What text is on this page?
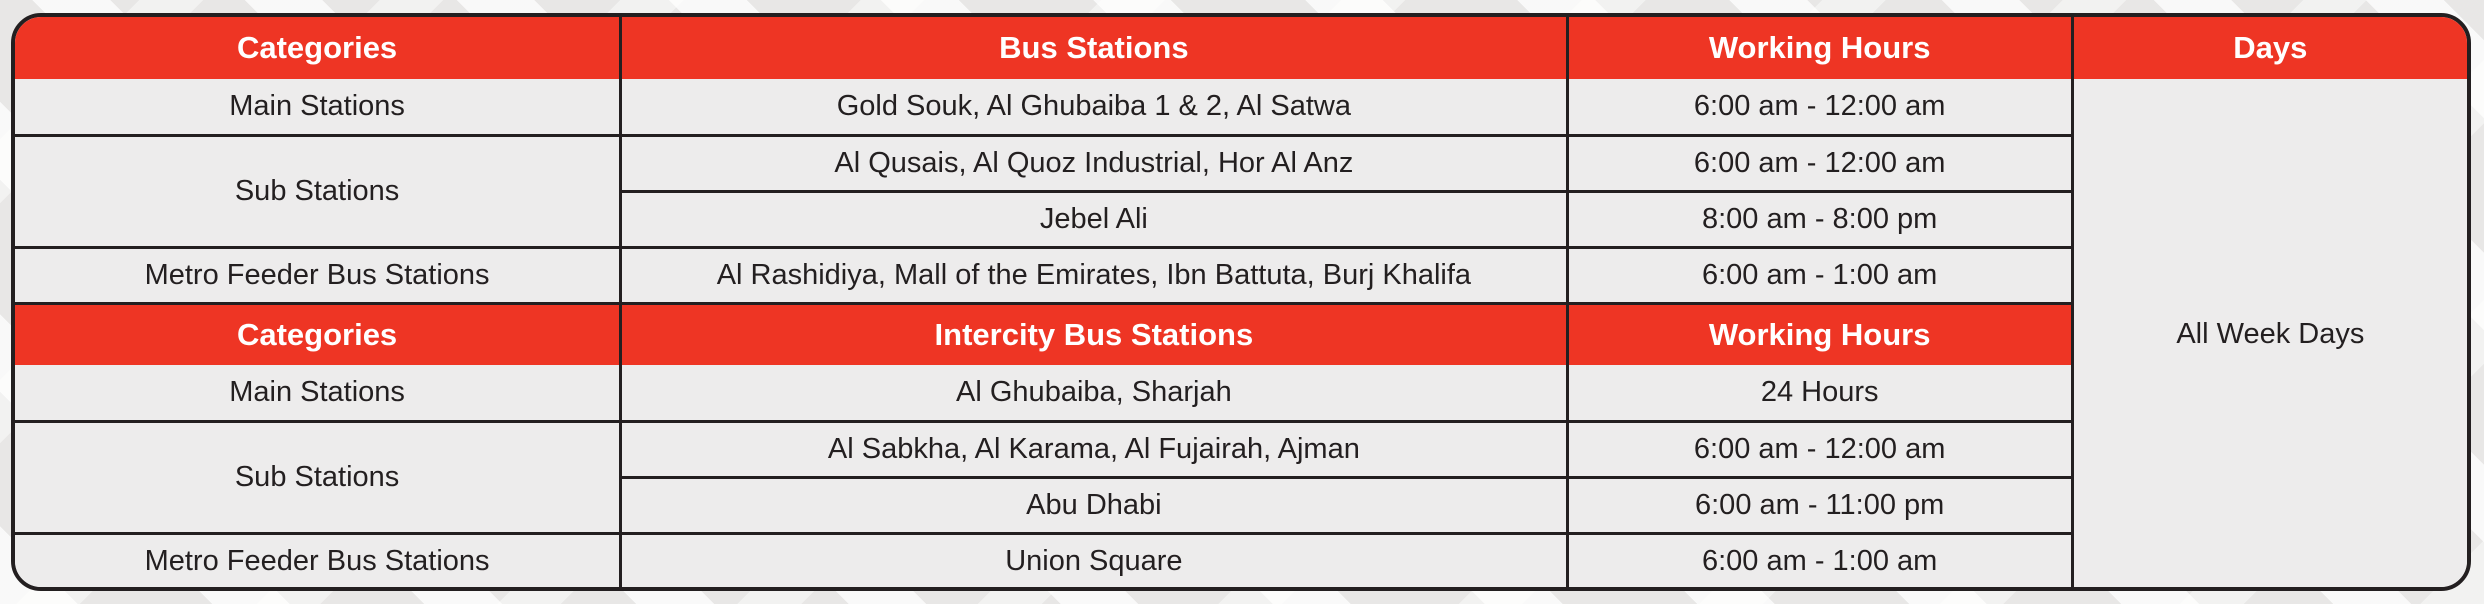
Categories	Bus Stations	Working Hours	Days
Main Stations	Gold Souk, Al Ghubaiba 1 & 2, Al Satwa	6:00 am - 12:00 am	All Week Days
Sub Stations	Al Qusais, Al Quoz Industrial, Hor Al Anz	6:00 am - 12:00 am	
	Jebel Ali	8:00 am - 8:00 pm	
Metro Feeder Bus Stations	Al Rashidiya, Mall of the Emirates, Ibn Battuta, Burj Khalifa	6:00 am - 1:00 am	
Categories	Intercity Bus Stations	Working Hours	
Main Stations	Al Ghubaiba, Sharjah	24 Hours	
Sub Stations	Al Sabkha, Al Karama, Al Fujairah, Ajman	6:00 am - 12:00 am	
	Abu Dhabi	6:00 am - 11:00 pm	
Metro Feeder Bus Stations	Union Square	6:00 am - 1:00 am	
